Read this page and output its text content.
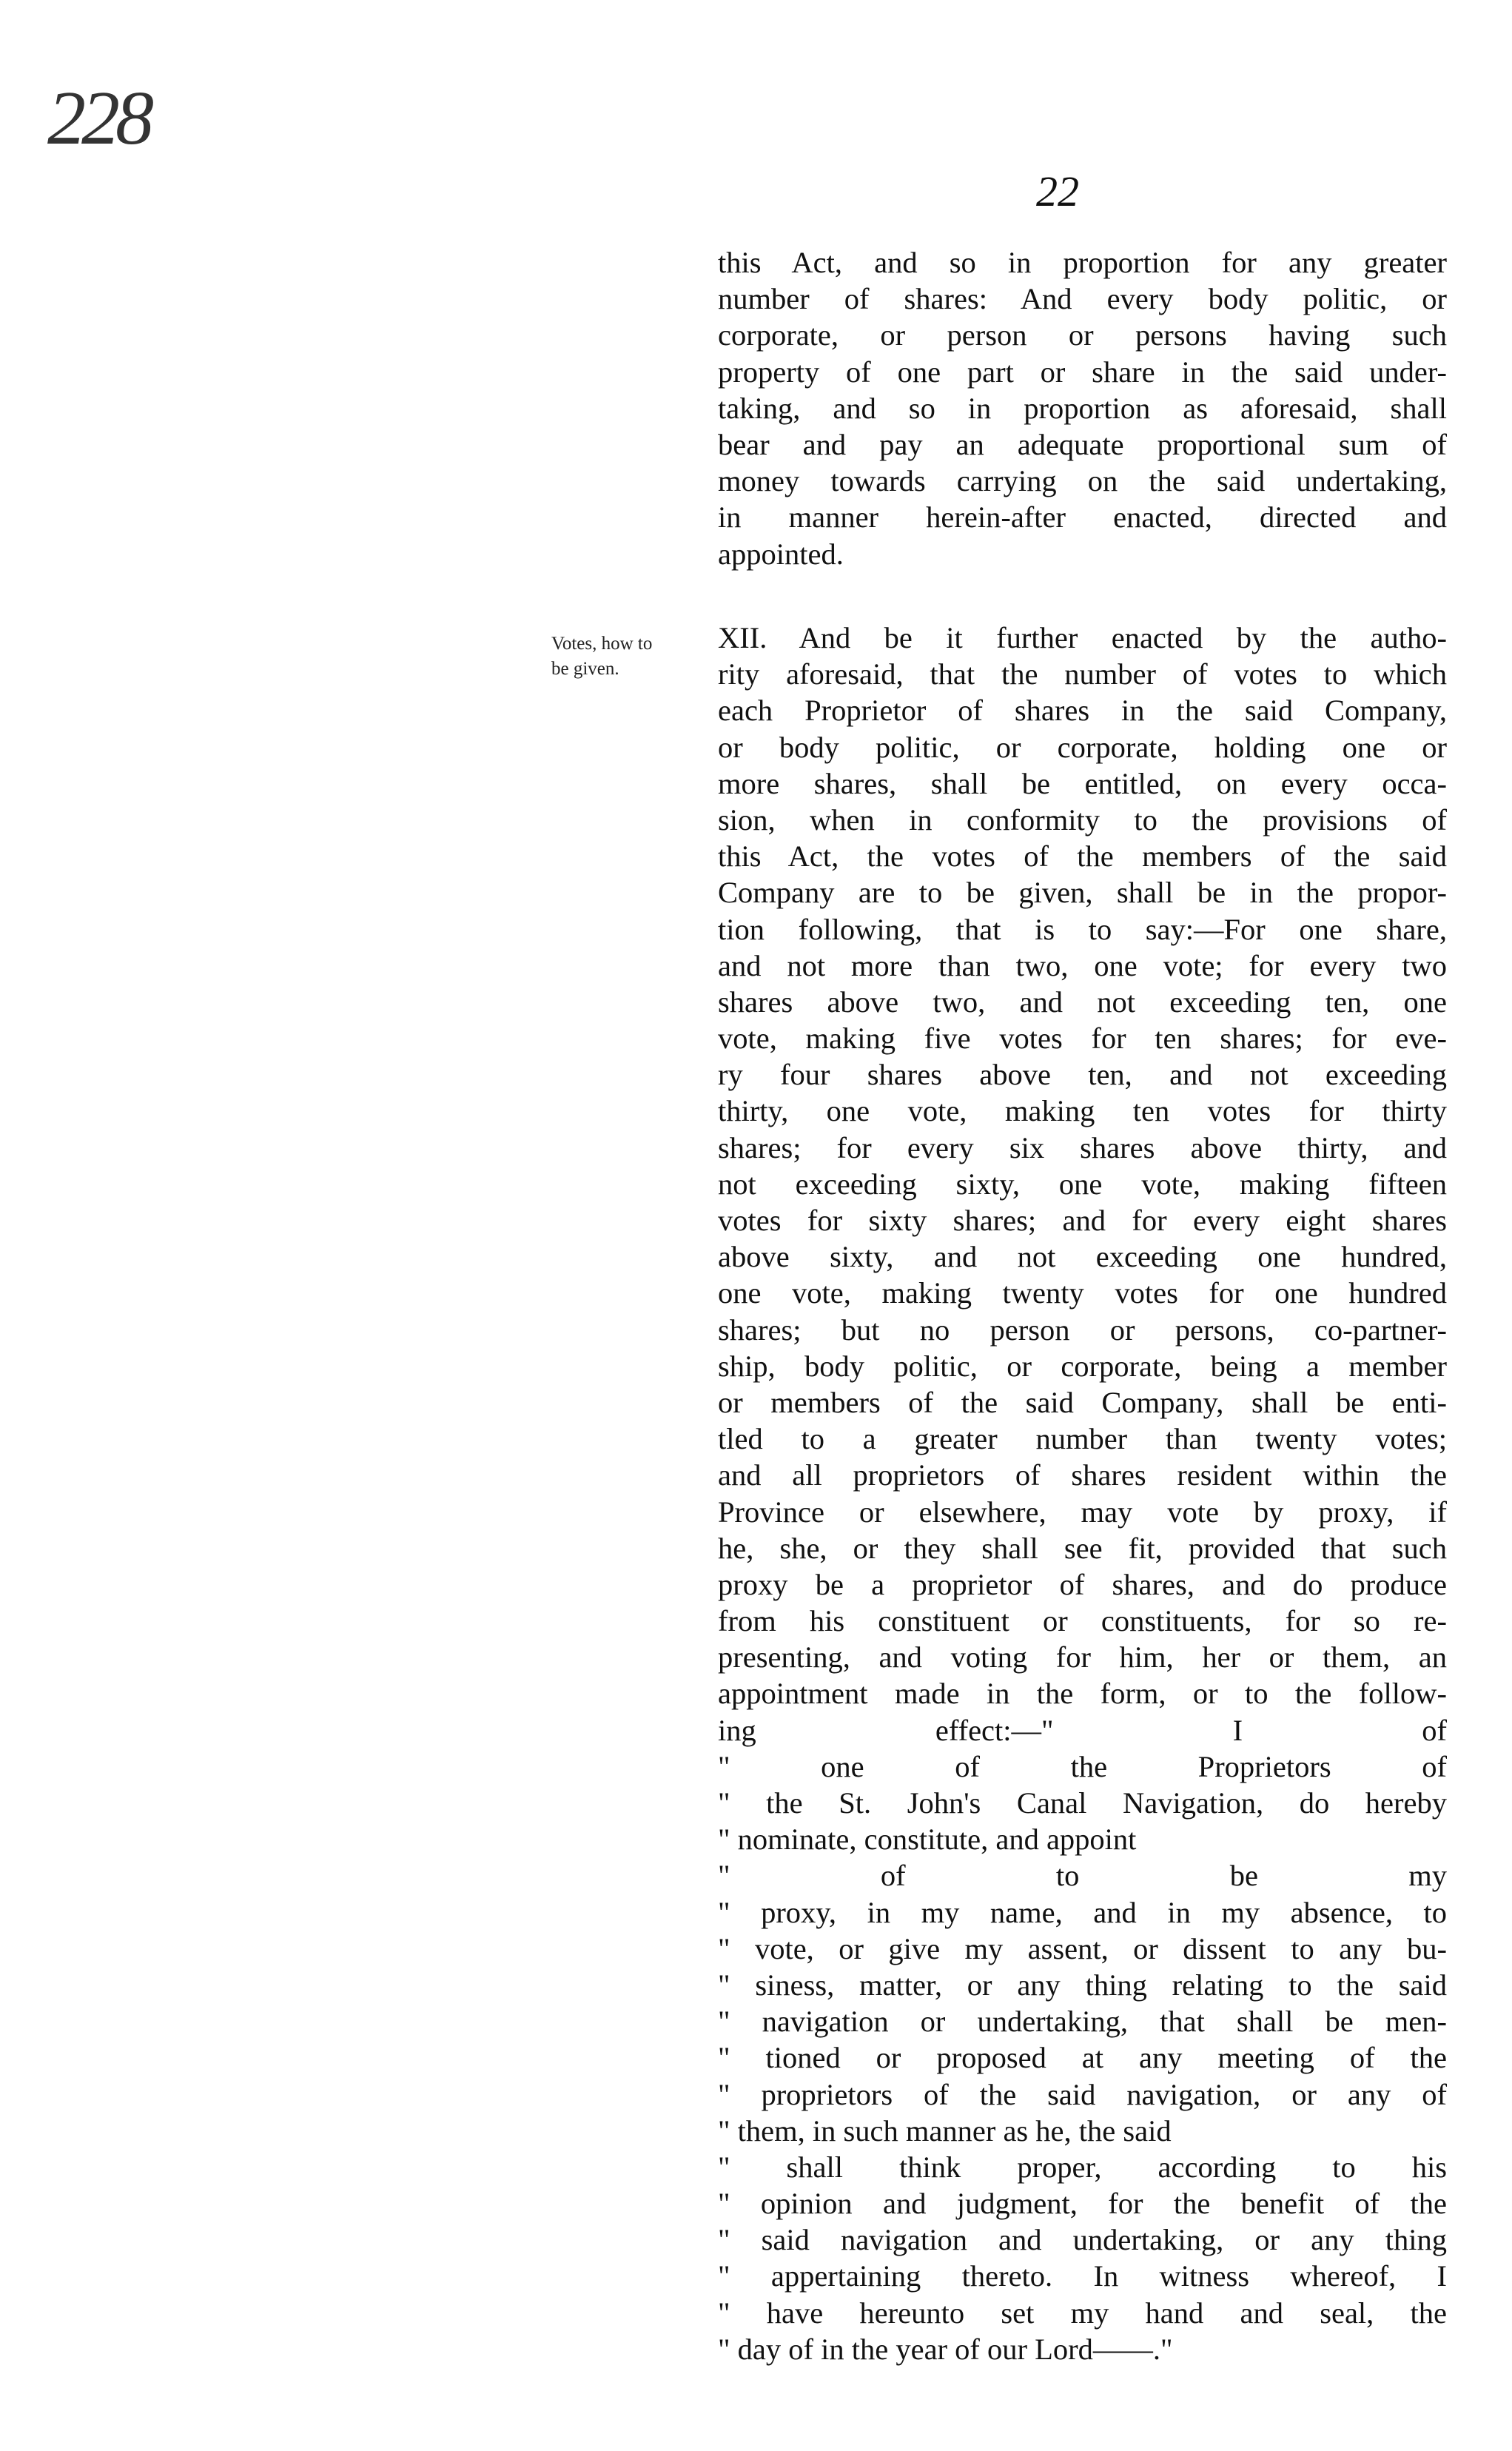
228
22
Votes, how to
be given.
this Act, and so in proportion for any greater
number of shares: And every body politic, or
corporate, or person or persons having such
property of one part or share in the said under-
taking, and so in proportion as aforesaid, shall
bear and pay an adequate proportional sum of
money towards carrying on the said undertaking,
in manner herein-after enacted, directed and
appointed.
XII. And be it further enacted by the autho-
rity aforesaid, that the number of votes to which
each Proprietor of shares in the said Company,
or body politic, or corporate, holding one or
more shares, shall be entitled, on every occa-
sion, when in conformity to the provisions of
this Act, the votes of the members of the said
Company are to be given, shall be in the propor-
tion following, that is to say:—For one share,
and not more than two, one vote; for every two
shares above two, and not exceeding ten, one
vote, making five votes for ten shares; for eve-
ry four shares above ten, and not exceeding
thirty, one vote, making ten votes for thirty
shares; for every six shares above thirty, and
not exceeding sixty, one vote, making fifteen
votes for sixty shares; and for every eight shares
above sixty, and not exceeding one hundred,
one vote, making twenty votes for one hundred
shares; but no person or persons, co-partner-
ship, body politic, or corporate, being a member
or members of the said Company, shall be enti-
tled to a greater number than twenty votes;
and all proprietors of shares resident within the
Province or elsewhere, may vote by proxy, if
he, she, or they shall see fit, provided that such
proxy be a proprietor of shares, and do produce
from his constituent or constituents, for so re-
presenting, and voting for him, her or them, an
appointment made in the form, or to the follow-
ing effect:—" I of
" one of the Proprietors of
" the St. John's Canal Navigation, do hereby
" nominate, constitute, and appoint
" of to be my
" proxy, in my name, and in my absence, to
" vote, or give my assent, or dissent to any bu-
" siness, matter, or any thing relating to the said
" navigation or undertaking, that shall be men-
" tioned or proposed at any meeting of the
" proprietors of the said navigation, or any of
" them, in such manner as he, the said
" shall think proper, according to his
" opinion and judgment, for the benefit of the
" said navigation and undertaking, or any thing
" appertaining thereto. In witness whereof, I
" have hereunto set my hand and seal, the
" day of in the year of our Lord——."
